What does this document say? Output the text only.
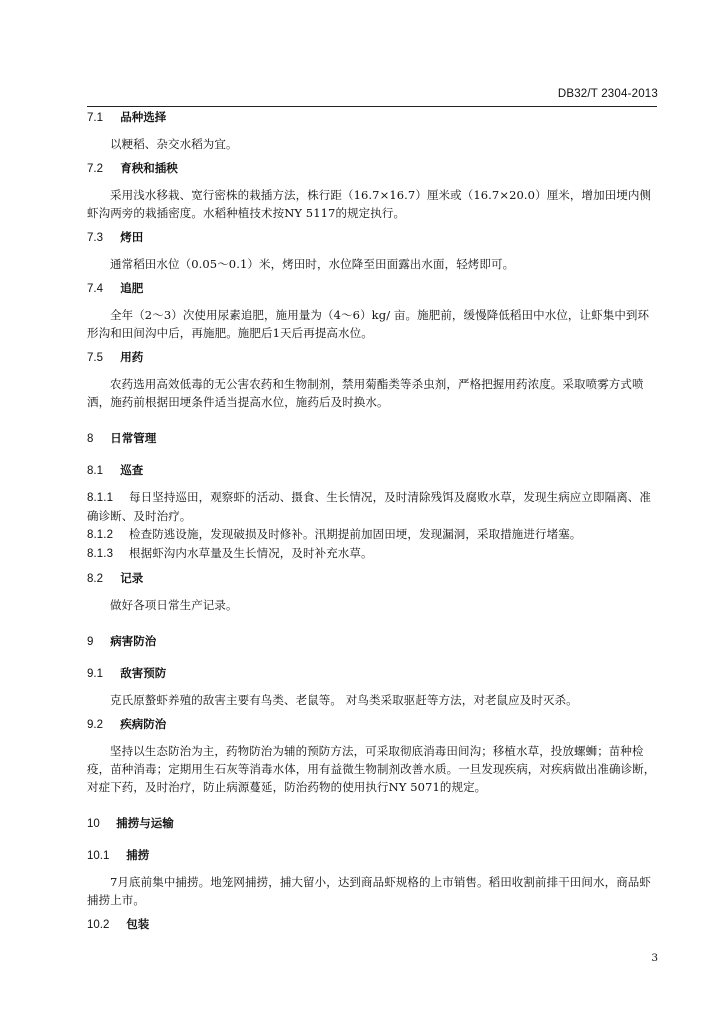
DB32/T 2304-2013

7.1 品种选择

以粳稻、杂交水稻为宜。

7.2 育秧和插秧

采用浅水移栽、宽行密株的栽插方法，株行距（16.7×16.7）厘米或（16.7×20.0）厘米，增加田埂内侧虾沟两旁的栽插密度。水稻种植技术按NY 5117的规定执行。

7.3 烤田

通常稻田水位（0.05～0.1）米，烤田时，水位降至田面露出水面，轻烤即可。

7.4 追肥

全年（2～3）次使用尿素追肥，施用量为（4～6）kg/ 亩。施肥前，缓慢降低稻田中水位，让虾集中到环形沟和田间沟中后，再施肥。施肥后1天后再提高水位。

7.5 用药

农药选用高效低毒的无公害农药和生物制剂，禁用菊酯类等杀虫剂，严格把握用药浓度。采取喷雾方式喷洒，施药前根据田埂条件适当提高水位，施药后及时换水。

8 日常管理

8.1 巡查

8.1.1 每日坚持巡田，观察虾的活动、摄食、生长情况，及时清除残饵及腐败水草，发现生病应立即隔离、准确诊断、及时治疗。

8.1.2 检查防逃设施，发现破损及时修补。汛期提前加固田埂，发现漏洞，采取措施进行堵塞。

8.1.3 根据虾沟内水草量及生长情况，及时补充水草。

8.2 记录

做好各项日常生产记录。

9 病害防治

9.1 敌害预防

克氏原螯虾养殖的敌害主要有鸟类、老鼠等。 对鸟类采取驱赶等方法，对老鼠应及时灭杀。

9.2 疾病防治

坚持以生态防治为主，药物防治为辅的预防方法，可采取彻底消毒田间沟；移植水草，投放螺蛳；苗种检疫，苗种消毒；定期用生石灰等消毒水体，用有益微生物制剂改善水质。一旦发现疾病，对疾病做出准确诊断，对症下药，及时治疗，防止病源蔓延，防治药物的使用执行NY 5071的规定。

10 捕捞与运输

10.1 捕捞

7月底前集中捕捞。地笼网捕捞，捕大留小，达到商品虾规格的上市销售。稻田收割前排干田间水，商品虾捕捞上市。

10.2 包装

3
